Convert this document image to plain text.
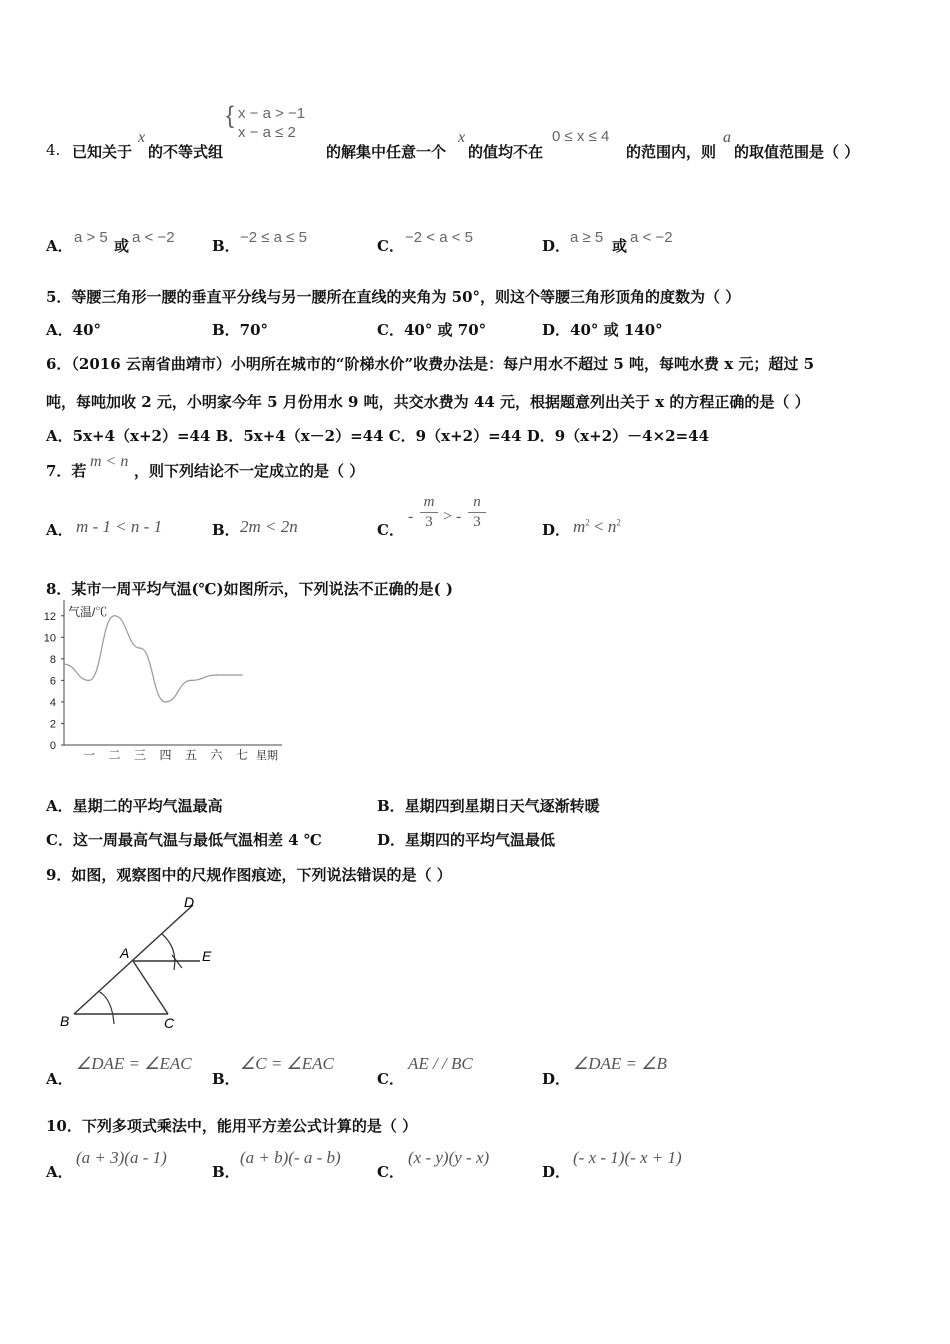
4. 已知关于
x
的不等式组
{ x − a > −1
x − a ≤ 2
的解集中任意一个
x
的值均不在
0 ≤ x ≤ 4
的范围内，则
a
的取值范围是（ ）
A． a > 5 或 a < −2 B． −2 ≤ a ≤ 5	C． −2 < a < 5	D． a ≥ 5 或 a < −2
5．等腰三角形一腰的垂直平分线与另一腰所在直线的夹角为 50°，则这个等腰三角形顶角的度数为（ ）
A．40°	B．70°	C．40° 或 70°	D．40° 或 140°
6．（2016 云南省曲靖市）小明所在城市的“阶梯水价”收费办法是：每户用水不超过 5 吨，每吨水费 x 元；超过 5
吨，每吨加收 2 元，小明家今年 5 月份用水 9 吨，共交水费为 44 元，根据题意列出关于 x 的方程正确的是（ ）
A．5x+4（x+2）=44 B．5x+4（x－2）=44 C．9（x+2）=44 D．9（x+2）－4×2=44
7．若
m < n
，则下列结论不一定成立的是（ ）
A． m - 1 < n - 1	B． 2m < 2n	C．
-
m
3 > -
n
3	D． $m^2 < n^2$
8．某市一周平均气温(℃)如图所示，下列说法不正确的是( )
气温/℃
星期
0
2
4
6
8
10
12
一 二 三 四 五 六 七
A．星期二的平均气温最高	B．星期四到星期日天气逐渐转暖
C．这一周最高气温与最低气温相差 4 ℃	D．星期四的平均气温最低
9．如图，观察图中的尺规作图痕迹，下列说法错误的是（ ）
D
A	E
B	C
A．
∠DAE = ∠EAC
B．
∠C = ∠EAC
C．
AE / / BC
D．
∠DAE = ∠B
10．下列多项式乘法中，能用平方差公式计算的是（ ）
A．
(a + 3)(a - 1)
B．
(a + b)(- a - b)
C．
(x - y)(y - x)
D．
(- x - 1)(- x + 1)
